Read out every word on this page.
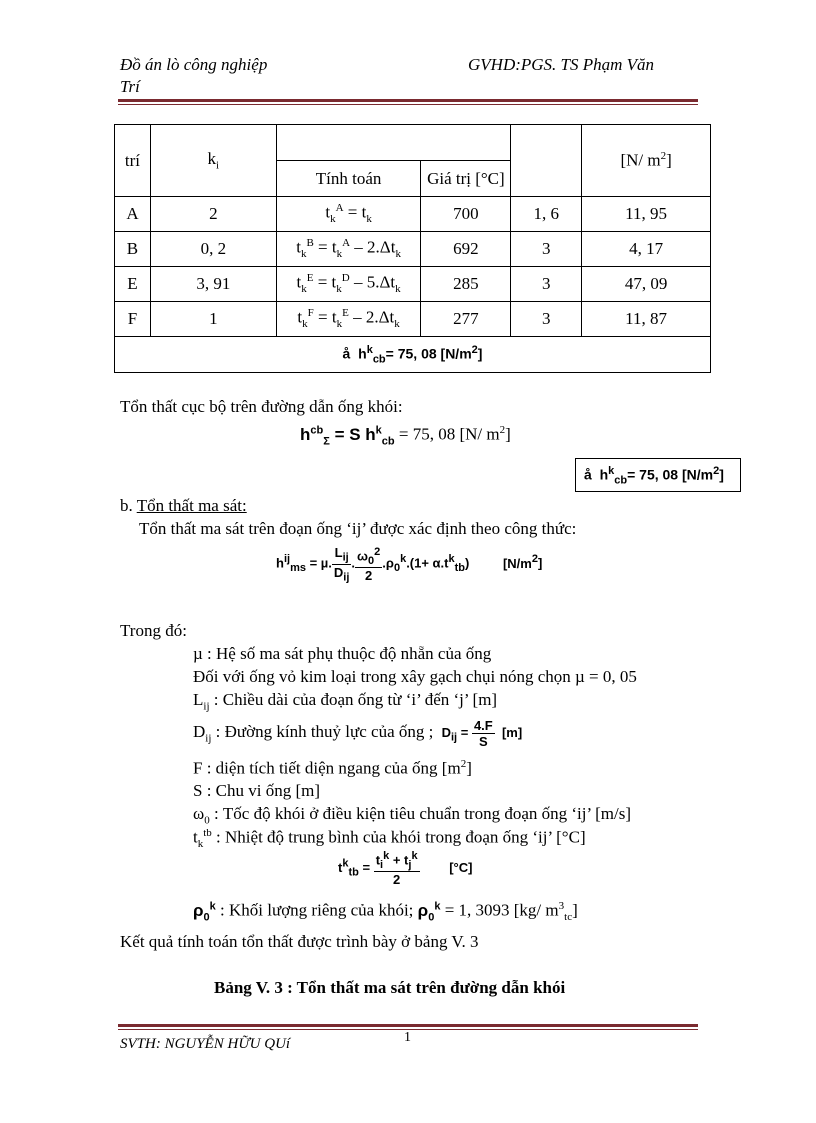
Đồ án lò công nghiệp
Trí
GVHD:PGS. TS Phạm Văn
trí	$k_i$				[N/ $m^2$]
		Tính toán	Giá trị [°C]		
A	2	$t_k^A = t_k$	700	1, 6	11, 95
B	0, 2	$t_k^B = t_k^A - 2.\Delta t_k$	692	3	4, 17
E	3, 91	$t_k^E = t_k^D - 5.\Delta t_k$	285	3	47, 09
F	1	$t_k^F = t_k^E - 2.\Delta t_k$	277	3	11, 87
å $h^k_{cb}= 75$, 08 $[N/m^2]$					
Tổn thất cục bộ trên đường dẫn ống khói:
$h^{cb}_\Sigma = S$ $h^k_{cb} = 75$, 08 [N/ $m^2$]
å  $h^k_{cb}= 75$, 08 $[N/m^2]$
b. Tổn thất ma sát:
Tổn thất ma sát trên đoạn ống ‘ij’ được xác định theo công thức:
$h^{ij}_{ms} = \mu$.
$L_{ij}$
$D_{ij}$
. $\frac{\omega_0^2}{2} .\rho_0^k.(1+ \alpha.t^k_{tb})$ $[N/m^2]$
Trong đó:
µ : Hệ số ma sát phụ thuộc độ nhẵn của ống
Đối với ống vỏ kim loại trong xây gạch chụi nóng chọn µ = 0, 05
$L_{ij}$ : Chiều dài của đoạn ống từ ‘i’ đến ‘j’ [m]
$D_{ij}$ : Đường kính thuỷ lực của ống ; $D_{ij} = \frac{4.F}{S} [m]$
F : diện tích tiết diện ngang của ống $[m^2]$
S : Chu vi ống [m]
$\omega_0$ : Tốc độ khói ở điều kiện tiêu chuẩn trong đoạn ống ‘ij’ [m/s]
$t_k^{tb}$ : Nhiệt độ trung bình của khói trong đoạn ống ‘ij’ [°C]
$t^k_{tb}$ =
$t_i^k + t_j^k$
2
[°C]
$\rho_0^k$ : Khối lượng riêng của khói; $\rho_0^k = 1$, 3093 [kg/ $m^3_{tc}$]
Kết quả tính toán tổn thất được trình bày ở bảng V. 3
Bảng V. 3 : Tổn thất ma sát trên đường dẫn khói
SVTH: NGUYỄN HỮU QUí	1
